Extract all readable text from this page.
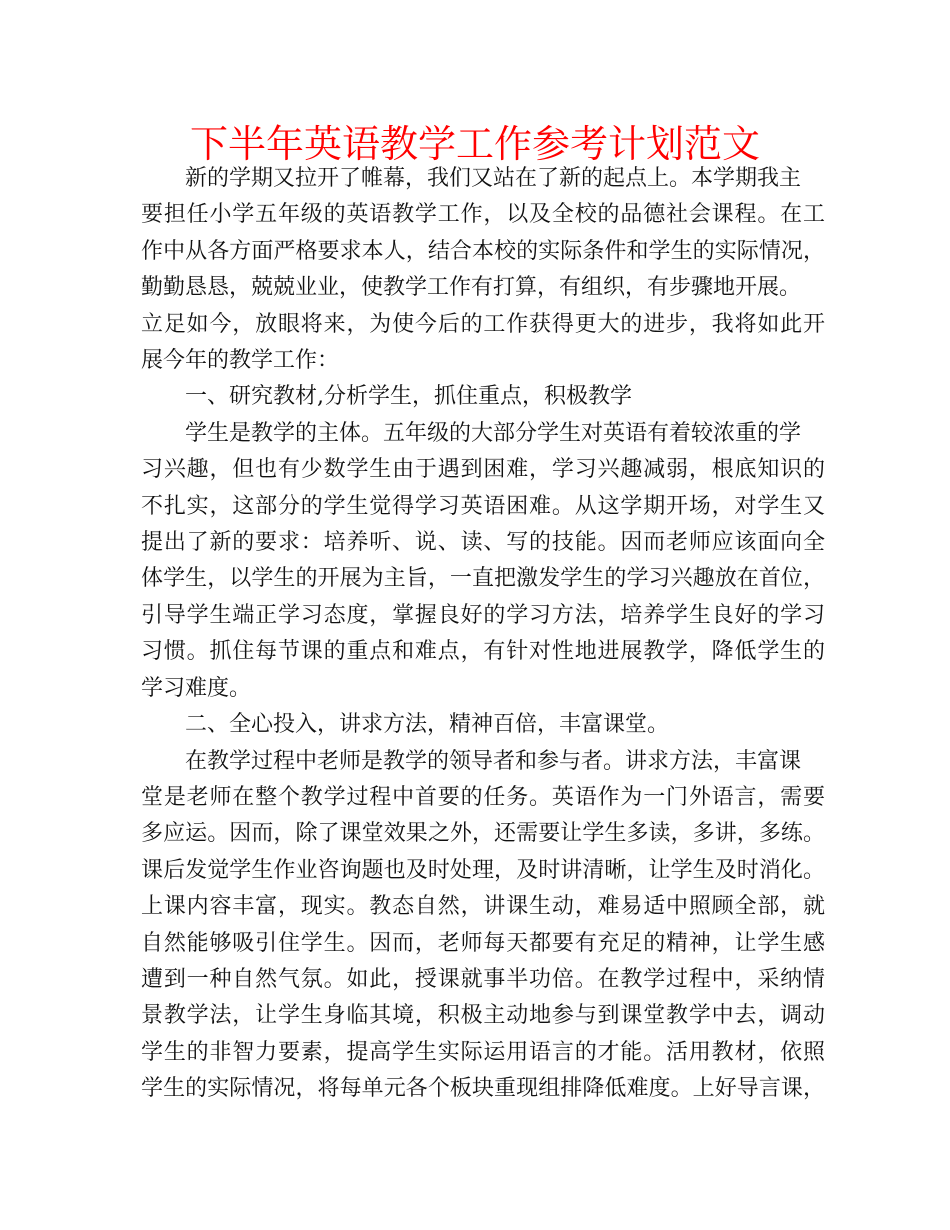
下半年英语教学工作参考计划范文
新的学期又拉开了帷幕，我们又站在了新的起点上。本学期我主
要担任小学五年级的英语教学工作，以及全校的品德社会课程。在工
作中从各方面严格要求本人，结合本校的实际条件和学生的实际情况，
勤勤恳恳，兢兢业业，使教学工作有打算，有组织，有步骤地开展。
立足如今，放眼将来，为使今后的工作获得更大的进步，我将如此开
展今年的教学工作：
一、研究教材,分析学生，抓住重点，积极教学
学生是教学的主体。五年级的大部分学生对英语有着较浓重的学
习兴趣，但也有少数学生由于遇到困难，学习兴趣减弱，根底知识的
不扎实，这部分的学生觉得学习英语困难。从这学期开场，对学生又
提出了新的要求：培养听、说、读、写的技能。因而老师应该面向全
体学生，以学生的开展为主旨，一直把激发学生的学习兴趣放在首位，
引导学生端正学习态度，掌握良好的学习方法，培养学生良好的学习
习惯。抓住每节课的重点和难点，有针对性地进展教学，降低学生的
学习难度。
二、全心投入，讲求方法，精神百倍，丰富课堂。
在教学过程中老师是教学的领导者和参与者。讲求方法，丰富课
堂是老师在整个教学过程中首要的任务。英语作为一门外语言，需要
多应运。因而，除了课堂效果之外，还需要让学生多读，多讲，多练。
课后发觉学生作业咨询题也及时处理，及时讲清晰，让学生及时消化。
上课内容丰富，现实。教态自然，讲课生动，难易适中照顾全部，就
自然能够吸引住学生。因而，老师每天都要有充足的精神，让学生感
遭到一种自然气氛。如此，授课就事半功倍。在教学过程中，采纳情
景教学法，让学生身临其境，积极主动地参与到课堂教学中去，调动
学生的非智力要素，提高学生实际运用语言的才能。活用教材，依照
学生的实际情况，将每单元各个板块重现组排降低难度。上好导言课，
